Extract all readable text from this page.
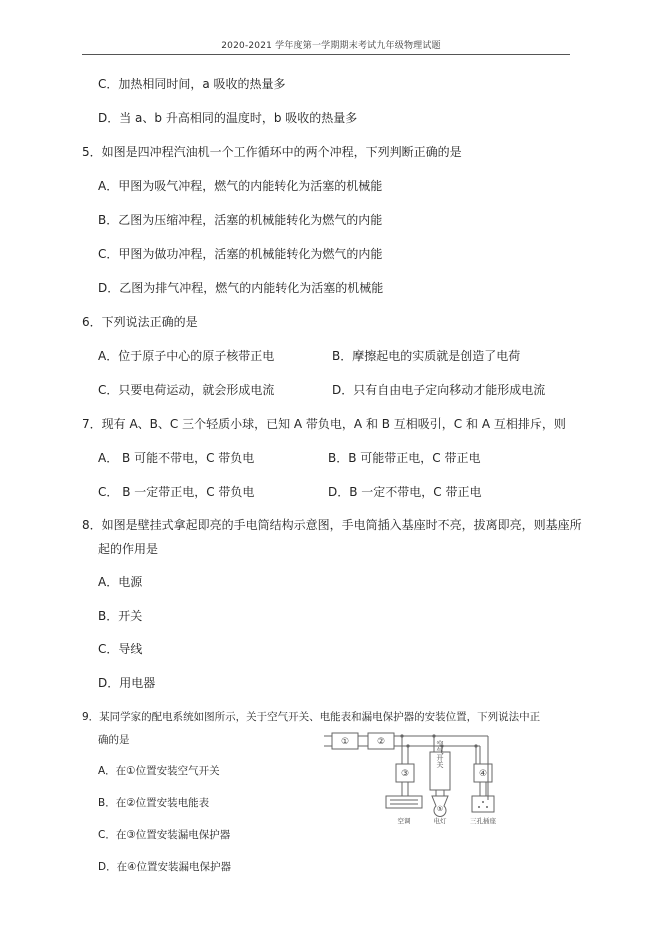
2020-2021 学年度第一学期期末考试九年级物理试题
C．加热相同时间，a 吸收的热量多
D．当 a、b 升高相同的温度时，b 吸收的热量多
5．如图是四冲程汽油机一个工作循环中的两个冲程，下列判断正确的是
A．甲图为吸气冲程，燃气的内能转化为活塞的机械能
B．乙图为压缩冲程，活塞的机械能转化为燃气的内能
C．甲图为做功冲程，活塞的机械能转化为燃气的内能
D．乙图为排气冲程，燃气的内能转化为活塞的机械能
6．下列说法正确的是
A．位于原子中心的原子核带正电	B．摩擦起电的实质就是创造了电荷
C．只要电荷运动，就会形成电流	D．只有自由电子定向移动才能形成电流
7．现有 A、B、C 三个轻质小球，已知 A 带负电，A 和 B 互相吸引，C 和 A 互相排斥，则
A． B 可能不带电，C 带负电	B．B 可能带正电，C 带正电
C． B 一定带正电，C 带负电	D．B 一定不带电，C 带正电
8．如图是壁挂式拿起即亮的手电筒结构示意图，手电筒插入基座时不亮，拔离即亮，则基座所
起的作用是
A．电源
B．开关
C．导线
D．用电器
9．某同学家的配电系统如图所示，关于空气开关、电能表和漏电保护器的安装位置，下列说法中正
确的是
A．在①位置安装空气开关
B．在②位置安装电能表
C．在③位置安装漏电保护器
D．在④位置安装漏电保护器
①	②
③	④
⑤
空气开关
空调	电灯	三孔插座
